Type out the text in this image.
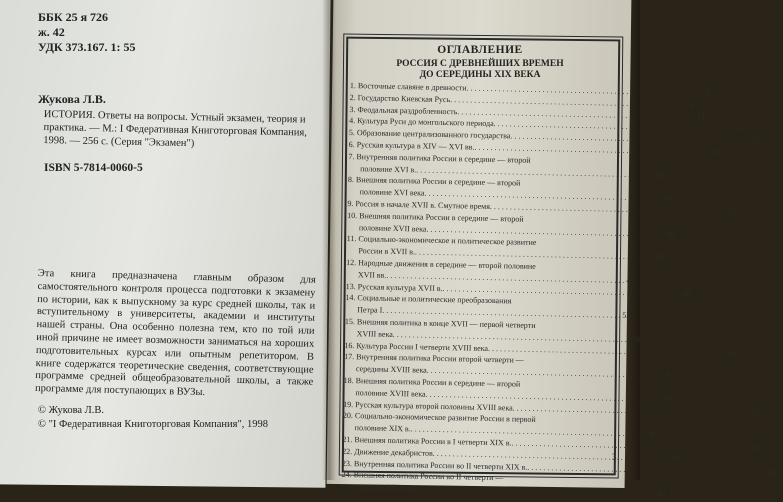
ББК 25 я 726
ж. 42
УДК 373.167. 1: 55
Жукова Л.В.
ИСТОРИЯ. Ответы на вопросы. Устный экзамен, теория и практика. — М.: I Федеративная Книготорговая Компания, 1998. — 256 с. (Серия "Экзамен")
ISBN 5-7814-0060-5
Эта книга предназначена главным образом для самостоятельного контроля процесса подготовки к экзамену по истории, как к выпускному за курс средней школы, так и вступительному в университеты, академии и институты нашей страны. Она особенно полезна тем, кто по той или иной причине не имеет возможности заниматься на хороших подготовительных курсах или опытным репетитором. В книге содержатся теоретические сведения, соответствующие программе средней общеобразовательной школы, а также программе для поступающих в ВУЗы.
© Жукова Л.В.
© "I Федеративная Книготорговая Компания", 1998
ОГЛАВЛЕНИЕ
РОССИЯ С ДРЕВНЕЙШИХ ВРЕМЕН
ДО СЕРЕДИНЫ XIX ВЕКА
1. Восточные славяне в древности
. . .
6
2. Государство Киевская Русь
. . .
8
3. Феодальная раздробленность
. . .
11
4. Культура Руси до монгольского периода
. . .
19
5. Образование централизованного государства
. . .
21
6. Русская культура в XIV — XVI вв.
. . .
26
7. Внутренняя политика России в середине — второй
половине XVI в.
. . .
28
8. Внешняя политика России в середине — второй
половине XVI века
. . .
32
9. Россия в начале XVII в. Смутное время
. . .
35
10. Внешняя политика России в середине — второй
половине XVII века
. . .
39
11. Социально-экономическое и политическое развитие
России в XVII в.
. . .
44
12. Народные движения в середине — второй половине
XVII вв.
. . .
47
13. Русская культура XVII в.
. . .
49
14. Социальные и политические преобразования
Петра I
. . .
53
15. Внешняя политика в конце XVII — первой четверти
XVIII века
. . .
58
16. Культура России I четверти XVIII века
. . .
61
17. Внутренняя политика России второй четверти —
середины XVIII века
. . .
63
18. Внешняя политика России в середине — второй
половине XVIII века
. . .
67
19. Русская культура второй половины XVIII века
. . .
73
20. Социально-экономическое развитие России в первой
половине XIX в.
. . .
83
21. Внешняя политика России в I четверти XIX в.
. . .
85
22. Движение декабристов
. . .
90
23. Внутренняя политика России во II четверти XIX в.
. . .
95
24. Внешняя политика России во II четверти —
середине XIX века
. . .
99
3
